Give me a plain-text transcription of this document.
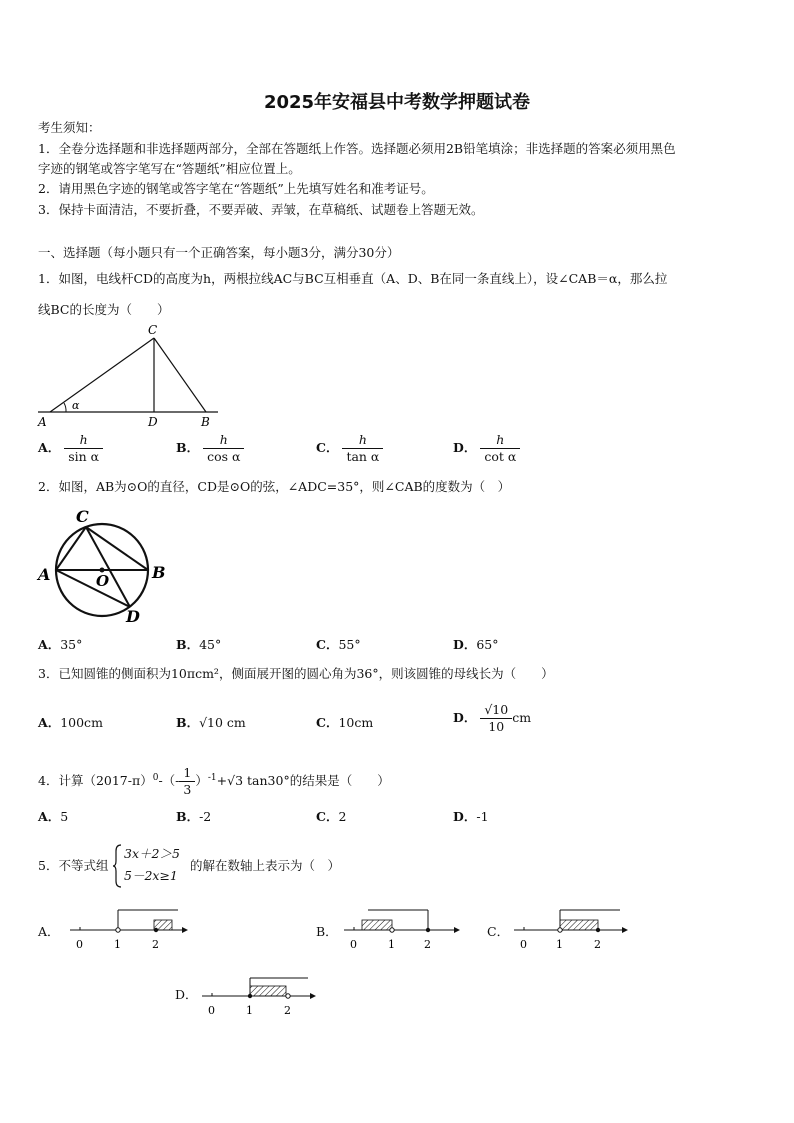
2025年安福县中考数学押题试卷
考生须知：
1．全卷分选择题和非选择题两部分，全部在答题纸上作答。选择题必须用2B铅笔填涂；非选择题的答案必须用黑色
字迹的钢笔或答字笔写在“答题纸”相应位置上。
2．请用黑色字迹的钢笔或答字笔在“答题纸”上先填写姓名和准考证号。
3．保持卡面清洁，不要折叠，不要弄破、弄皱，在草稿纸、试题卷上答题无效。
一、选择题（每小题只有一个正确答案，每小题3分，满分30分）
1．如图，电线杆CD的高度为h，两根拉线AC与BC互相垂直（A、D、B在同一条直线上），设∠CAB＝α，那么拉
线BC的长度为（　　）
A	B
C
D
α
A． $\frac{h}{\text{sin α}}$	B． $\frac{h}{\text{cos α}}$	C． $\frac{h}{\text{tan α}}$	D． $\frac{h}{\text{cot α}}$
2．如图，AB为⊙O的直径，CD是⊙O的弦，∠ADC=35°，则∠CAB的度数为（　）
C
A	B
O
D
A．35°	B．45°	C．55°	D．65°
3．已知圆锥的侧面积为10πcm²，侧面展开图的圆心角为36°，则该圆锥的母线长为（　　）
A．100cm	B．√10 cm	C．10cm	D． $\frac{√10}{10}$ cm
4．计算$(2017-\pi)^0-(- \frac{1}{3} )^{-1}+√3$ tan30°的结果是（　　）
A．5	B．-2	C．2	D．-1
5．不等式组
3x＋2＞5
5－2x≥1
的解在数轴上表示为（　）
A．
0	1	2
B．
0	1	2
C．
0	1	2
D．
0	1	2
